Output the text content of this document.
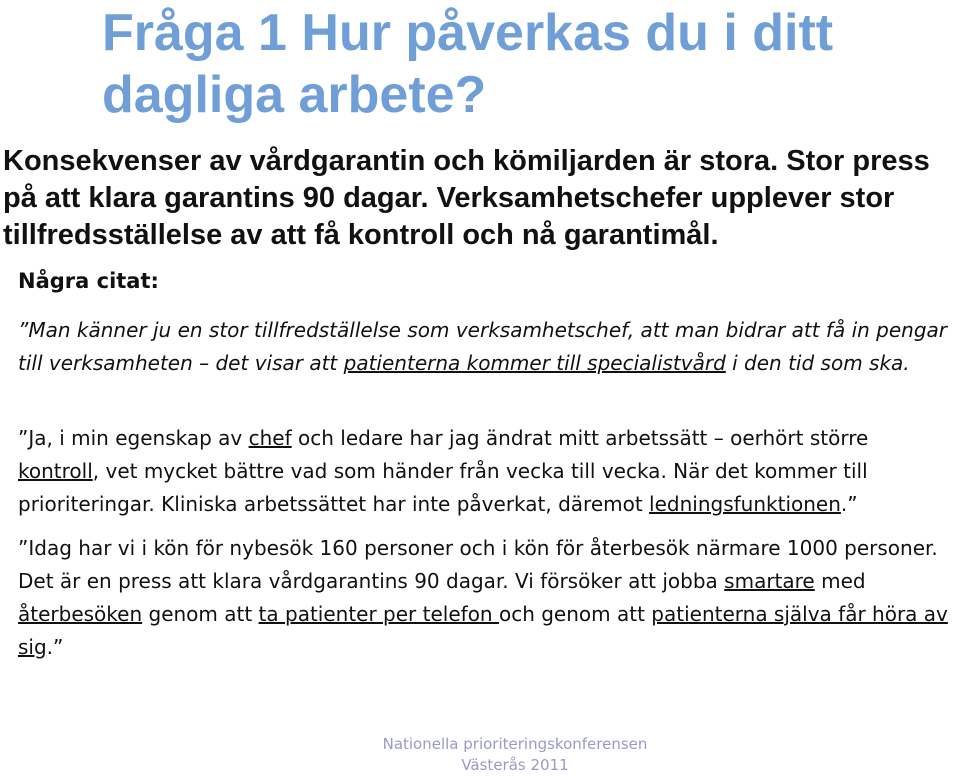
Fråga 1 Hur påverkas du i ditt dagliga arbete?

Konsekvenser av vårdgarantin och kömiljarden är stora. Stor press på att klara garantins 90 dagar. Verksamhetschefer upplever stor tillfredsställelse av att få kontroll och nå garantimål.

Några citat:

”Man känner ju en stor tillfredställelse som verksamhetschef, att man bidrar att få in pengar till verksamheten – det visar att patienterna kommer till specialistvård i den tid som ska.

”Ja, i min egenskap av chef och ledare har jag ändrat mitt arbetssätt – oerhört större kontroll, vet mycket bättre vad som händer från vecka till vecka. När det kommer till prioriteringar. Kliniska arbetssättet har inte påverkat, däremot ledningsfunktionen.”

”Idag har vi i kön för nybesök 160 personer och i kön för återbesök närmare 1000 personer. Det är en press att klara vårdgarantins 90 dagar. Vi försöker att jobba smartare med återbesöken genom att ta patienter per telefon och genom att patienterna själva får höra av sig.”

Nationella prioriteringskonferensen
Västerås 2011
